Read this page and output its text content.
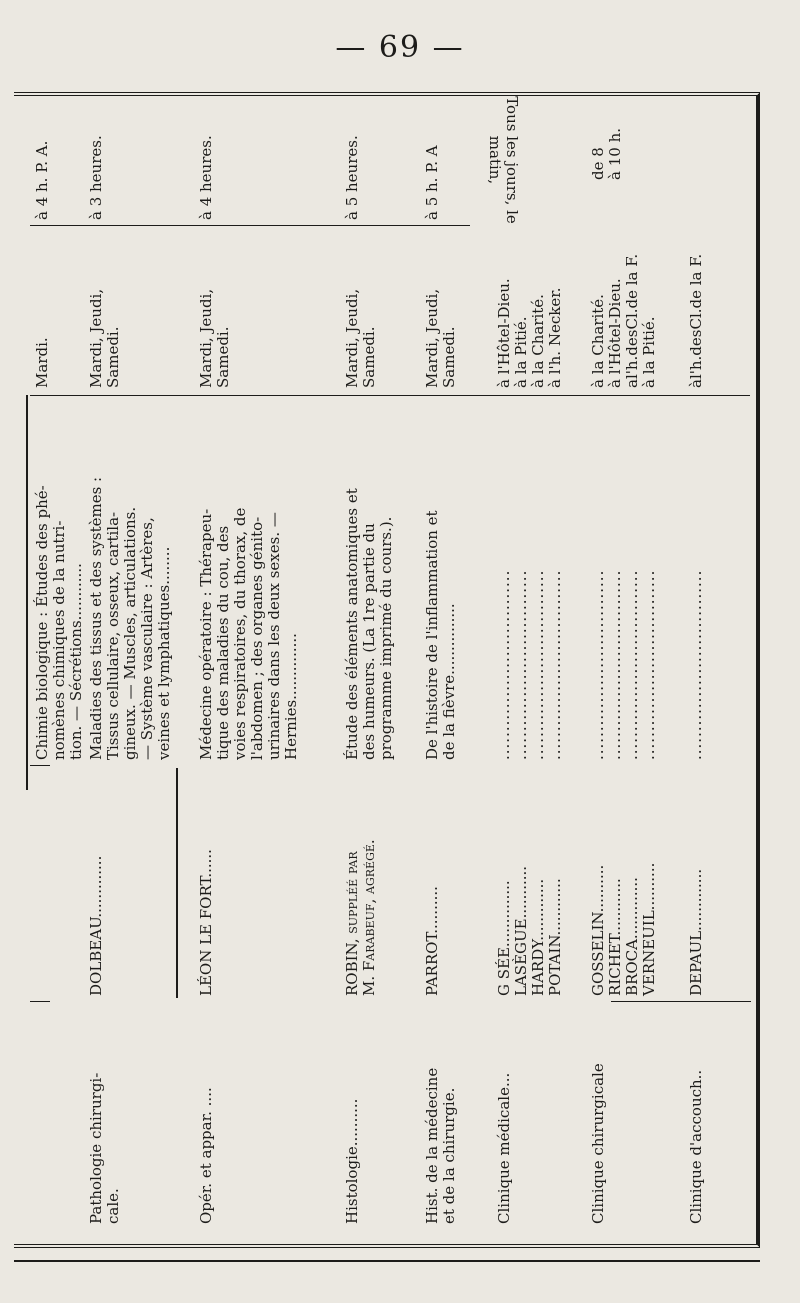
— 69 —
Chimie biologique : Études des phé-
nomènes chimiques de la nutri-
tion. — Sécrétions............
Mardi.
à 4 h. P. A.
Pathologie chirurgi-
cale.
DOLBEAU.............
Maladies des tissus et des systèmes :
Tissus cellulaire, osseux, cartila-
gineux. — Muscles, articulations.
— Système vasculaire : Artères,
veines et lymphatiques........
Mardi, Jeudi,
Samedi.
à 3 heures.
Opér. et appar. ....
LÉON LE FORT......
Médecine opératoire : Thérapeu-
tique des maladies du cou, des
voies respiratoires, du thorax, de
l'abdomen ; des organes génito-
urinaires dans les deux sexes. —
Hernies..............
Mardi, Jeudi,
Samedi.
à 4 heures.
Histologie..........
ROBIN, suppléé par
M. Farabeuf, agrégé.
Étude des éléments anatomiques et
des humeurs. (La 1re partie du
programme imprimé du cours.).
Mardi, Jeudi,
Samedi.
à 5 heures.
Hist. de la médecine
et de la chirurgie.
PARROT..........
De l'histoire de l'inflammation et
de la fièvre...............
Mardi, Jeudi,
Samedi.
à 5 h. P. A
Clinique médicale...
G SÉE..............
LASÈGUE...........
HARDY.............
POTAIN............
.................................
.................................
.................................
.................................
à l'Hôtel-Dieu.
à la Pitié.
à la Charité.
à l'h. Necker.
Tous les jours, le matin,
Clinique chirurgicale
GOSSELIN..........
RICHET............
BROCA.............
VERNEUIL..........
.................................
.................................
.................................
.................................
à la Charité.
à l'Hôtel-Dieu.
al'h.desCl.de la F.
à la Pitié.
de 8
à 10 h.
Clinique d'accouch..
DEPAUL.............
.................................
àl'h.desCl.de la F.
